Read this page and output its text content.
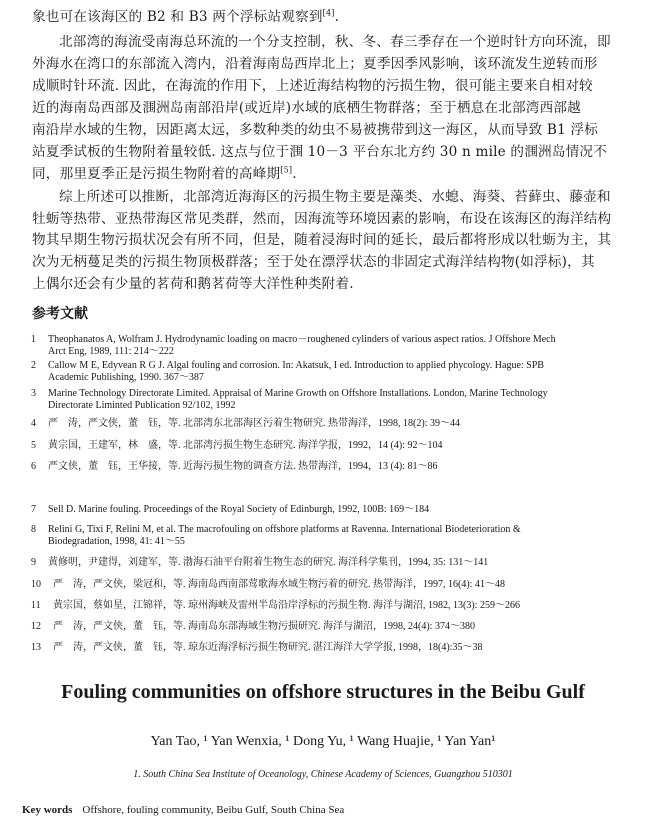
象也可在该海区的 B2 和 B3 两个浮标站观察到[4].
北部湾的海流受南海总环流的一个分支控制，秋、冬、春三季存在一个逆时针方向环流，即
外海水在湾口的东部流入湾内，沿着海南岛西岸北上；夏季因季风影响，该环流发生逆转而形
成顺时针环流. 因此，在海流的作用下，上述近海结构物的污损生物，很可能主要来自相对较
近的海南岛西部及涠洲岛南部沿岸(或近岸)水域的底栖生物群落；至于栖息在北部湾西部越
南沿岸水域的生物，因距离太远，多数种类的幼虫不易被携带到这一海区，从而导致 B1 浮标
站夏季试板的生物附着量较低. 这点与位于涠 10－3 平台东北方约 30 n mile 的涠洲岛情况不
同，那里夏季正是污损生物附着的高峰期[5].
综上所述可以推断，北部湾近海海区的污损生物主要是藻类、水螅、海葵、苔藓虫、藤壶和
牡蛎等热带、亚热带海区常见类群，然而，因海流等环境因素的影响，布设在该海区的海洋结构
物其早期生物污损状况会有所不同，但是，随着浸海时间的延长，最后都将形成以牡蛎为主，其
次为无柄蔓足类的污损生物顶极群落；至于处在漂浮状态的非固定式海洋结构物(如浮标)，其
上偶尔还会有少量的茗荷和鹅茗荷等大洋性种类附着.
参考文献
1 Theophanatos A, Wolfram J. Hydrodynamic loading on macro－roughened cylinders of various aspect ratios. J Offshore Mech
Arct Eng, 1989, 111: 214～222
2 Callow M E, Edyvean R G J. Algal fouling and corrosion. In: Akatsuk, I ed. Introduction to applied phycology. Hague: SPB
Academic Publishing, 1990. 367～387
3 Marine Technology Directorate Limited. Appraisal of Marine Growth on Offshore Installations. London, Marine Technology
Directorate Liminted Publication 92/102, 1992
4 严　涛，严文侠，董　钰，等. 北部湾东北部海区污着生物研究. 热带海洋，1998, 18(2): 39～44
5 黄宗国，王建军，林　盛，等. 北部湾污损生物生态研究. 海洋学报，1992，14 (4): 92～104
6 严文侠，董　钰，王华接，等. 近海污损生物的调查方法. 热带海洋，1994，13 (4): 81～86
7 Sell D. Marine fouling. Proceedings of the Royal Society of Edinburgh, 1992, 100B: 169～184
8 Relini G, Tixi F, Relini M, et al. The macrofouling on offshore platforms at Ravenna. International Biodeterioration &
Biodegradation, 1998, 41: 41～55
9 黄修明，尹建得，刘建军，等. 渤海石油平台附着生物生态的研究. 海洋科学集刊，1994, 35: 131～141
10 严　涛，严文侠，梁冠和，等. 海南岛西南部莺歌海水域生物污着的研究. 热带海洋，1997, 16(4): 41～48
11 黄宗国，蔡如星，江锦祥，等. 琼州海峡及雷州半岛沿岸浮标的污损生物. 海洋与湖沼, 1982, 13(3): 259～266
12 严　涛，严文侠，董　钰，等. 海南岛东部海域生物污损研究. 海洋与湖沼，1998, 24(4): 374～380
13 严　涛，严文侠，董　钰，等. 琼东近海浮标污损生物研究. 湛江海洋大学学报, 1998，18(4):35～38
Fouling communities on offshore structures in the Beibu Gulf
Yan Tao, ¹ Yan Wenxia, ¹ Dong Yu, ¹ Wang Huajie, ¹ Yan Yan¹
1. South China Sea Institute of Oceanology, Chinese Academy of Sciences, Guangzhou 510301
Key words Offshore, fouling community, Beibu Gulf, South China Sea
